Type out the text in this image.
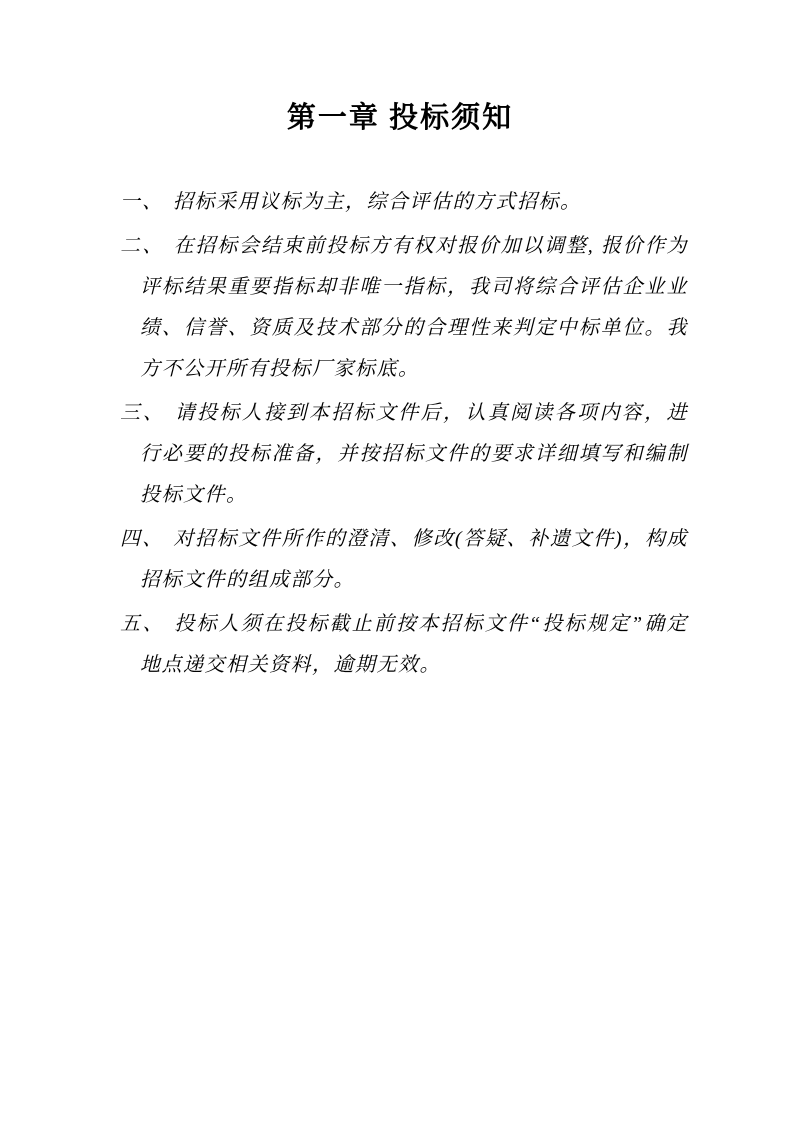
第一章 投标须知
一、 招标采用议标为主，综合评估的方式招标。
二、 在招标会结束前投标方有权对报价加以调整, 报价作为评标结果重要指标却非唯一指标，我司将综合评估企业业绩、信誉、资质及技术部分的合理性来判定中标单位。我方不公开所有投标厂家标底。
三、 请投标人接到本招标文件后，认真阅读各项内容，进行必要的投标准备，并按招标文件的要求详细填写和编制投标文件。
四、 对招标文件所作的澄清、修改(答疑、补遗文件)，构成招标文件的组成部分。
五、 投标人须在投标截止前按本招标文件“投标规定”确定地点递交相关资料，逾期无效。
